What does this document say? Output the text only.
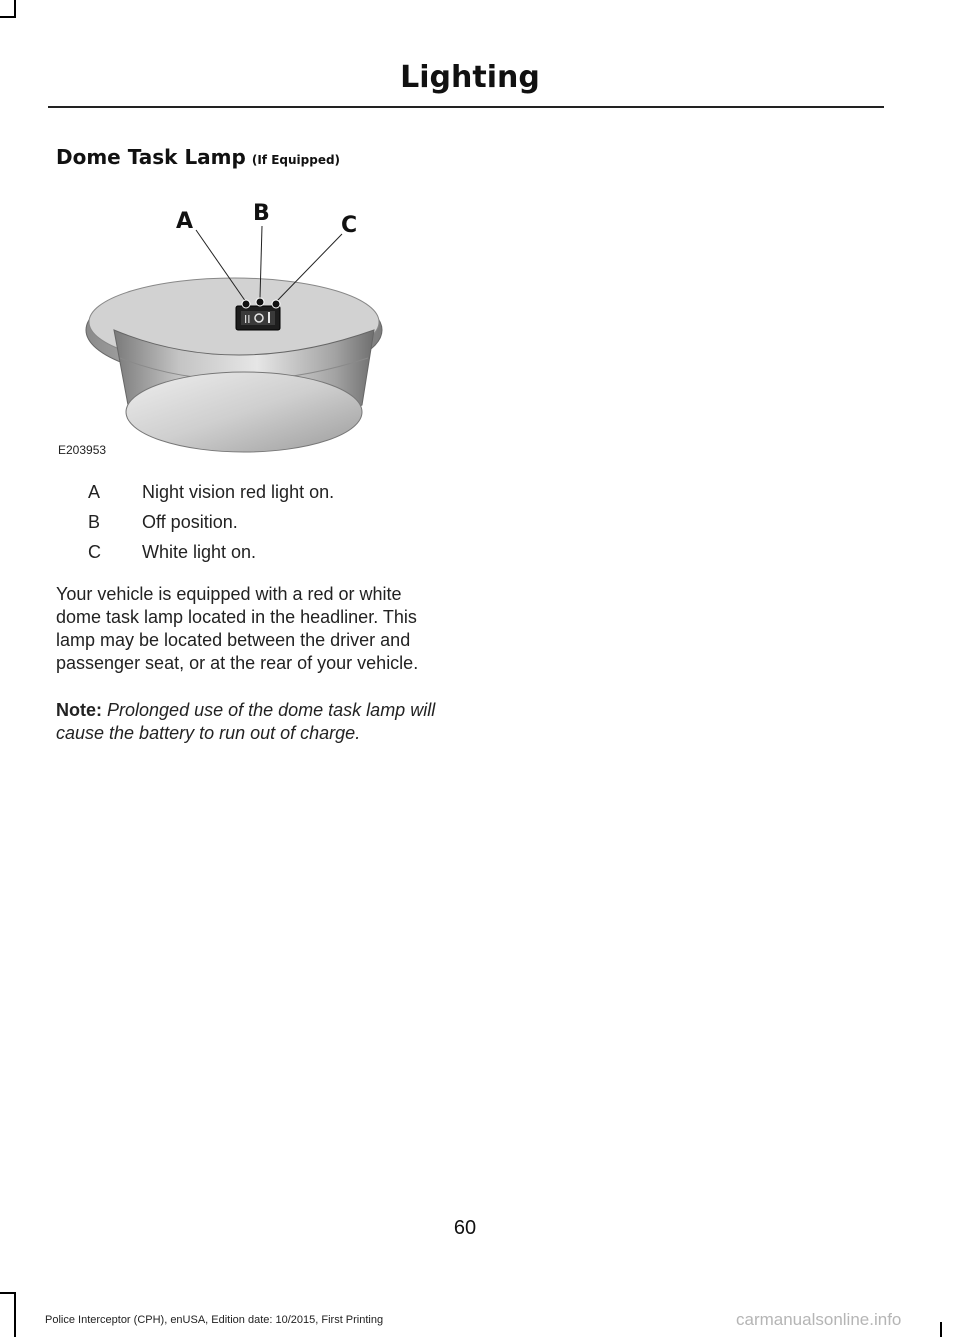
Lighting
Dome Task Lamp (If Equipped)
II
A	B	C
E203953
A Night vision red light on.
B Off position.
C White light on.

Your vehicle is equipped with a red or white dome task lamp located in the headliner. This lamp may be located between the driver and passenger seat, or at the rear of your vehicle.

Note: Prolonged use of the dome task lamp will cause the battery to run out of charge.

60
Police Interceptor (CPH), enUSA, Edition date: 10/2015, First Printing	carmanualsonline.info
